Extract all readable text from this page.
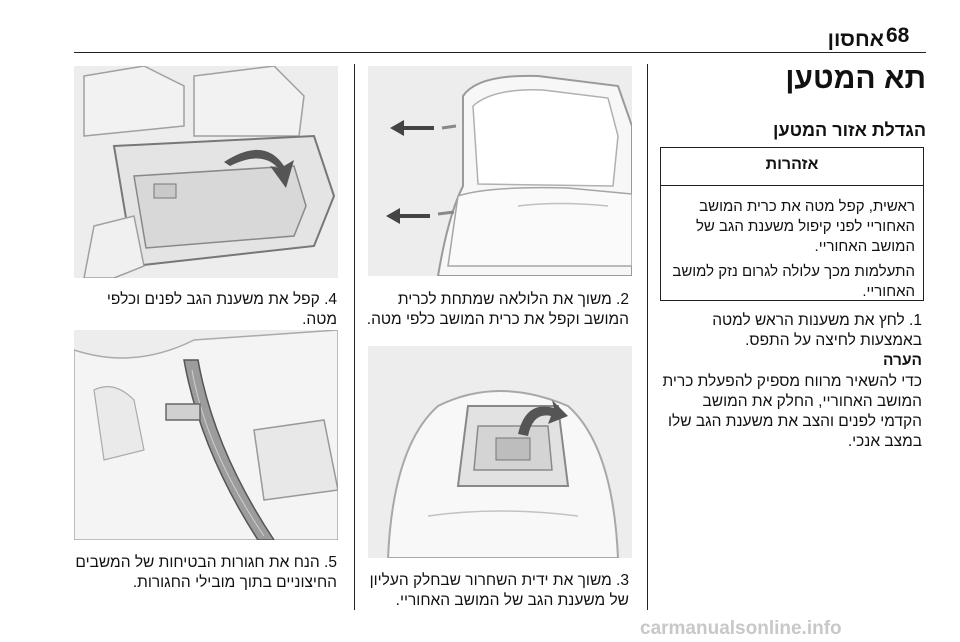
68
אחסון
תא המטען
הגדלת אזור המטען
אזהרות
ראשית, קפל מטה את כרית המושב האחוריי לפני קיפול משענת הגב של המושב האחוריי.
התעלמות מכך עלולה לגרום נזק למושב האחוריי.
1. לחץ את משענות הראש למטה באמצעות לחיצה על התפס.
הערה
כדי להשאיר מרווח מספיק להפעלת כרית המושב האחוריי, החלק את המושב הקדמי לפנים והצב את משענת הגב שלו במצב אנכי.
2. משוך את הלולאה שמתחת לכרית המושב וקפל את כרית המושב כלפי מטה.
3. משוך את ידית השחרור שבחלק העליון של משענת הגב של המושב האחוריי.
4. קפל את משענת הגב לפנים וכלפי מטה.
5. הנח את חגורות הבטיחות של המשבים החיצוניים בתוך מובילי החגורות.
carmanualsonline.info
